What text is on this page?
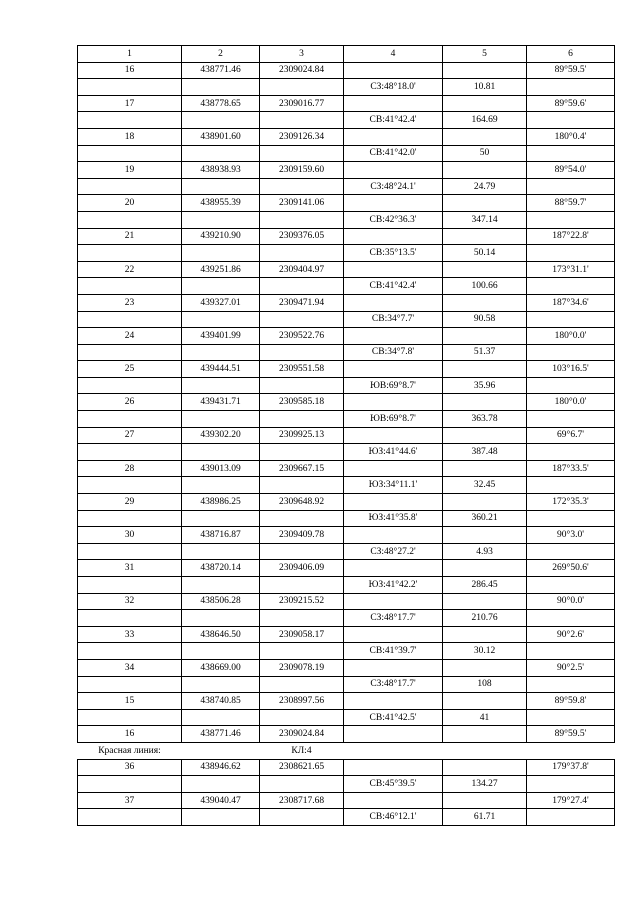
1	2	3	4	5	6
16	438771.46	2309024.84			89°59.5'
			СЗ:48°18.0'	10.81	
17	438778.65	2309016.77			89°59.6'
			СВ:41°42.4'	164.69	
18	438901.60	2309126.34			180°0.4'
			СВ:41°42.0'	50	
19	438938.93	2309159.60			89°54.0'
			СЗ:48°24.1'	24.79	
20	438955.39	2309141.06			88°59.7'
			СВ:42°36.3'	347.14	
21	439210.90	2309376.05			187°22.8'
			СВ:35°13.5'	50.14	
22	439251.86	2309404.97			173°31.1'
			СВ:41°42.4'	100.66	
23	439327.01	2309471.94			187°34.6'
			СВ:34°7.7'	90.58	
24	439401.99	2309522.76			180°0.0'
			СВ:34°7.8'	51.37	
25	439444.51	2309551.58			103°16.5'
			ЮВ:69°8.7'	35.96	
26	439431.71	2309585.18			180°0.0'
			ЮВ:69°8.7'	363.78	
27	439302.20	2309925.13			69°6.7'
			ЮЗ:41°44.6'	387.48	
28	439013.09	2309667.15			187°33.5'
			ЮЗ:34°11.1'	32.45	
29	438986.25	2309648.92			172°35.3'
			ЮЗ:41°35.8'	360.21	
30	438716.87	2309409.78			90°3.0'
			СЗ:48°27.2'	4.93	
31	438720.14	2309406.09			269°50.6'
			ЮЗ:41°42.2'	286.45	
32	438506.28	2309215.52			90°0.0'
			СЗ:48°17.7'	210.76	
33	438646.50	2309058.17			90°2.6'
			СВ:41°39.7'	30.12	
34	438669.00	2309078.19			90°2.5'
			СЗ:48°17.7'	108	
15	438740.85	2308997.56			89°59.8'
			СВ:41°42.5'	41	
16	438771.46	2309024.84			89°59.5'
Красная линия:		КЛ:4			
36	438946.62	2308621.65			179°37.8'
			СВ:45°39.5'	134.27	
37	439040.47	2308717.68			179°27.4'
			СВ:46°12.1'	61.71	
